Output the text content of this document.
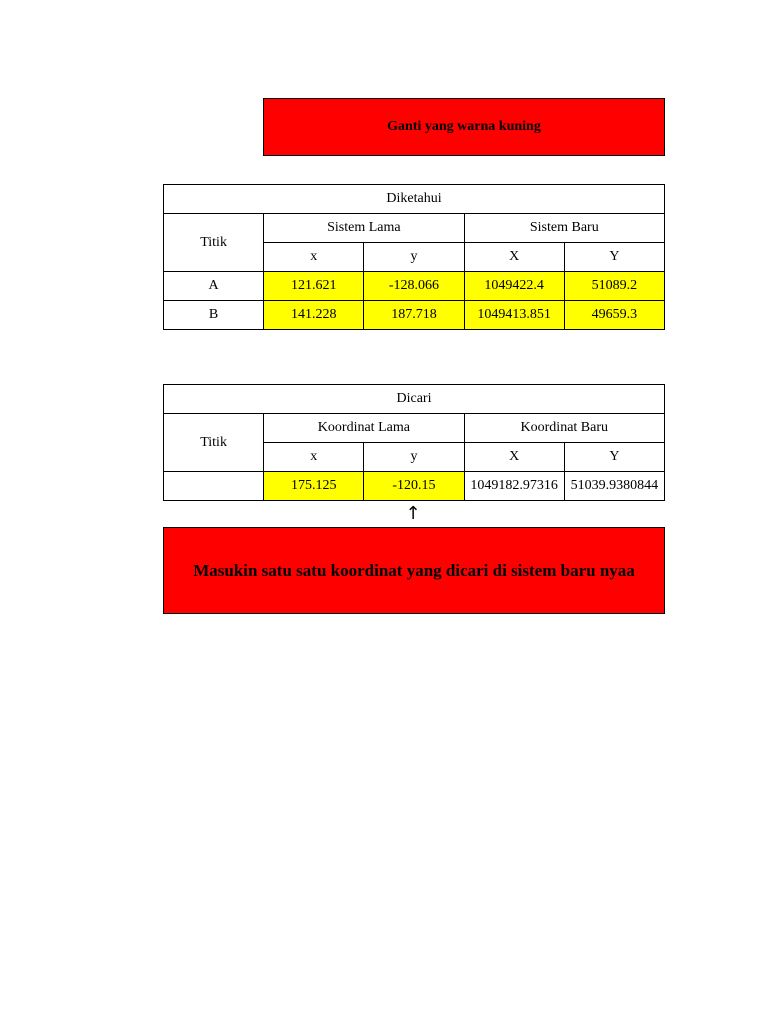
Ganti yang warna kuning
Diketahui				
Titik	Sistem Lama		Sistem Baru	
	x	y	X	Y
A	121.621	-128.066	1049422.4	51089.2
B	141.228	187.718	1049413.851	49659.3
Dicari				
Titik	Koordinat Lama		Koordinat Baru	
	x	y	X	Y
	175.125	-120.15	1049182.97316	51039.9380844
↑
Masukin satu satu koordinat yang dicari di sistem baru nyaa
